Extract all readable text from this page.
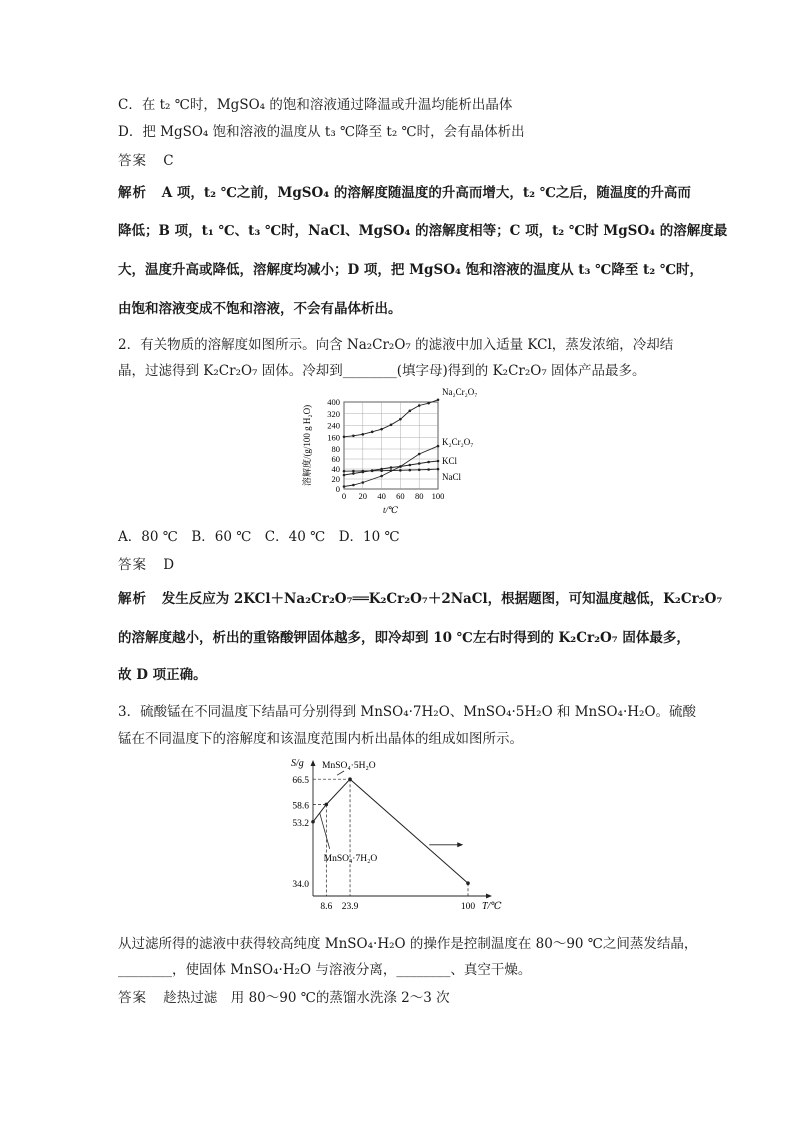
C．在 t₂ ℃时，MgSO₄ 的饱和溶液通过降温或升温均能析出晶体
D．把 MgSO₄ 饱和溶液的温度从 t₃ ℃降至 t₂ ℃时，会有晶体析出
答案 C
解析 A 项，t₂ ℃之前，MgSO₄ 的溶解度随温度的升高而增大，t₂ ℃之后，随温度的升高而
降低；B 项，t₁ ℃、t₃ ℃时，NaCl、MgSO₄ 的溶解度相等；C 项，t₂ ℃时 MgSO₄ 的溶解度最
大，温度升高或降低，溶解度均减小；D 项，把 MgSO₄ 饱和溶液的温度从 t₃ ℃降至 t₂ ℃时，
由饱和溶液变成不饱和溶液，不会有晶体析出。
2．有关物质的溶解度如图所示。向含 Na₂Cr₂O₇ 的滤液中加入适量 KCl，蒸发浓缩，冷却结
晶，过滤得到 K₂Cr₂O₇ 固体。冷却到________(填字母)得到的 K₂Cr₂O₇ 固体产品最多。
0
20
40
60
80
160
240
320
400
0 20 40 60 80 100
溶解度/(g/100 g H₂O)
t/℃
Na₂Cr₂O₇
K₂Cr₂O₇
KCl
NaCl
A．80 ℃　B．60 ℃　C．40 ℃　D．10 ℃
答案 D
解析 发生反应为 2KCl＋Na₂Cr₂O₇══K₂Cr₂O₇＋2NaCl，根据题图，可知温度越低，K₂Cr₂O₇
的溶解度越小，析出的重铬酸钾固体越多，即冷却到 10 ℃左右时得到的 K₂Cr₂O₇ 固体最多，
故 D 项正确。
3．硫酸锰在不同温度下结晶可分别得到 MnSO₄·7H₂O、MnSO₄·5H₂O 和 MnSO₄·H₂O。硫酸
锰在不同温度下的溶解度和该温度范围内析出晶体的组成如图所示。
S/g
T/℃
66.5
58.6
53.2
34.0
8.6 23.9	100
MnSO₄·5H₂O
MnSO₄·7H₂O
从过滤所得的滤液中获得较高纯度 MnSO₄·H₂O 的操作是控制温度在 80～90 ℃之间蒸发结晶，
________，使固体 MnSO₄·H₂O 与溶液分离，________、真空干燥。
答案 趁热过滤　用 80～90 ℃的蒸馏水洗涤 2～3 次
